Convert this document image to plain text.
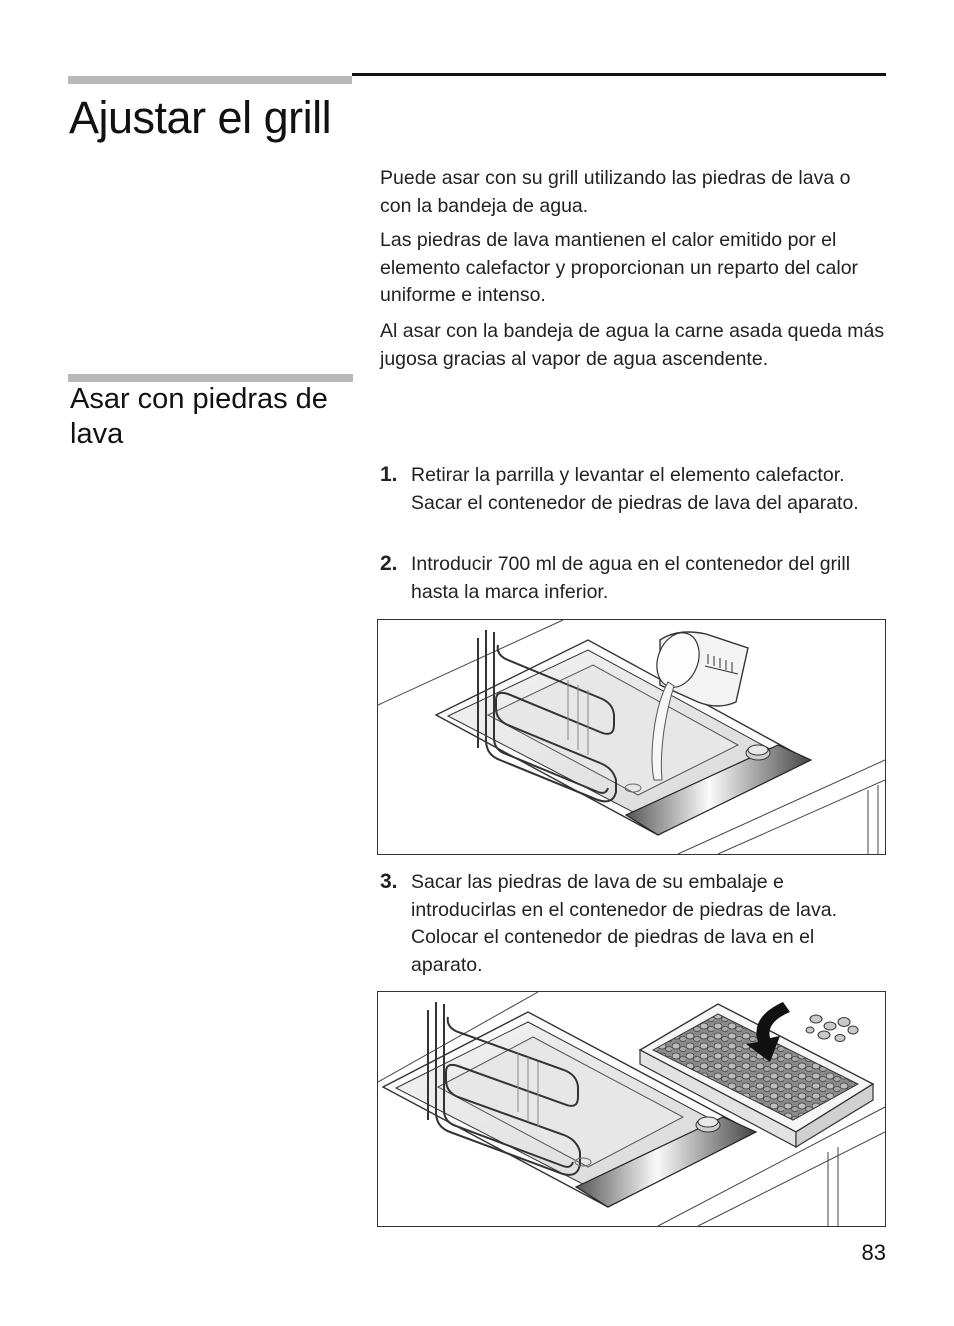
Ajustar el grill

Puede asar con su grill utilizando las piedras de lava o con la bandeja de agua.

Las piedras de lava mantienen el calor emitido por el elemento calefactor y proporcionan un reparto del calor uniforme e intenso.

Al asar con la bandeja de agua la carne asada queda más jugosa gracias al vapor de agua ascendente.

Asar con piedras de lava
1. Retirar la parrilla y levantar el elemento calefactor. Sacar el contenedor de piedras de lava del aparato.
2. Introducir 700 ml de agua en el contenedor del grill hasta la marca inferior.
3. Sacar las piedras de lava de su embalaje e introducirlas en el contenedor de piedras de lava. Colocar el contenedor de piedras de lava en el aparato.
83
